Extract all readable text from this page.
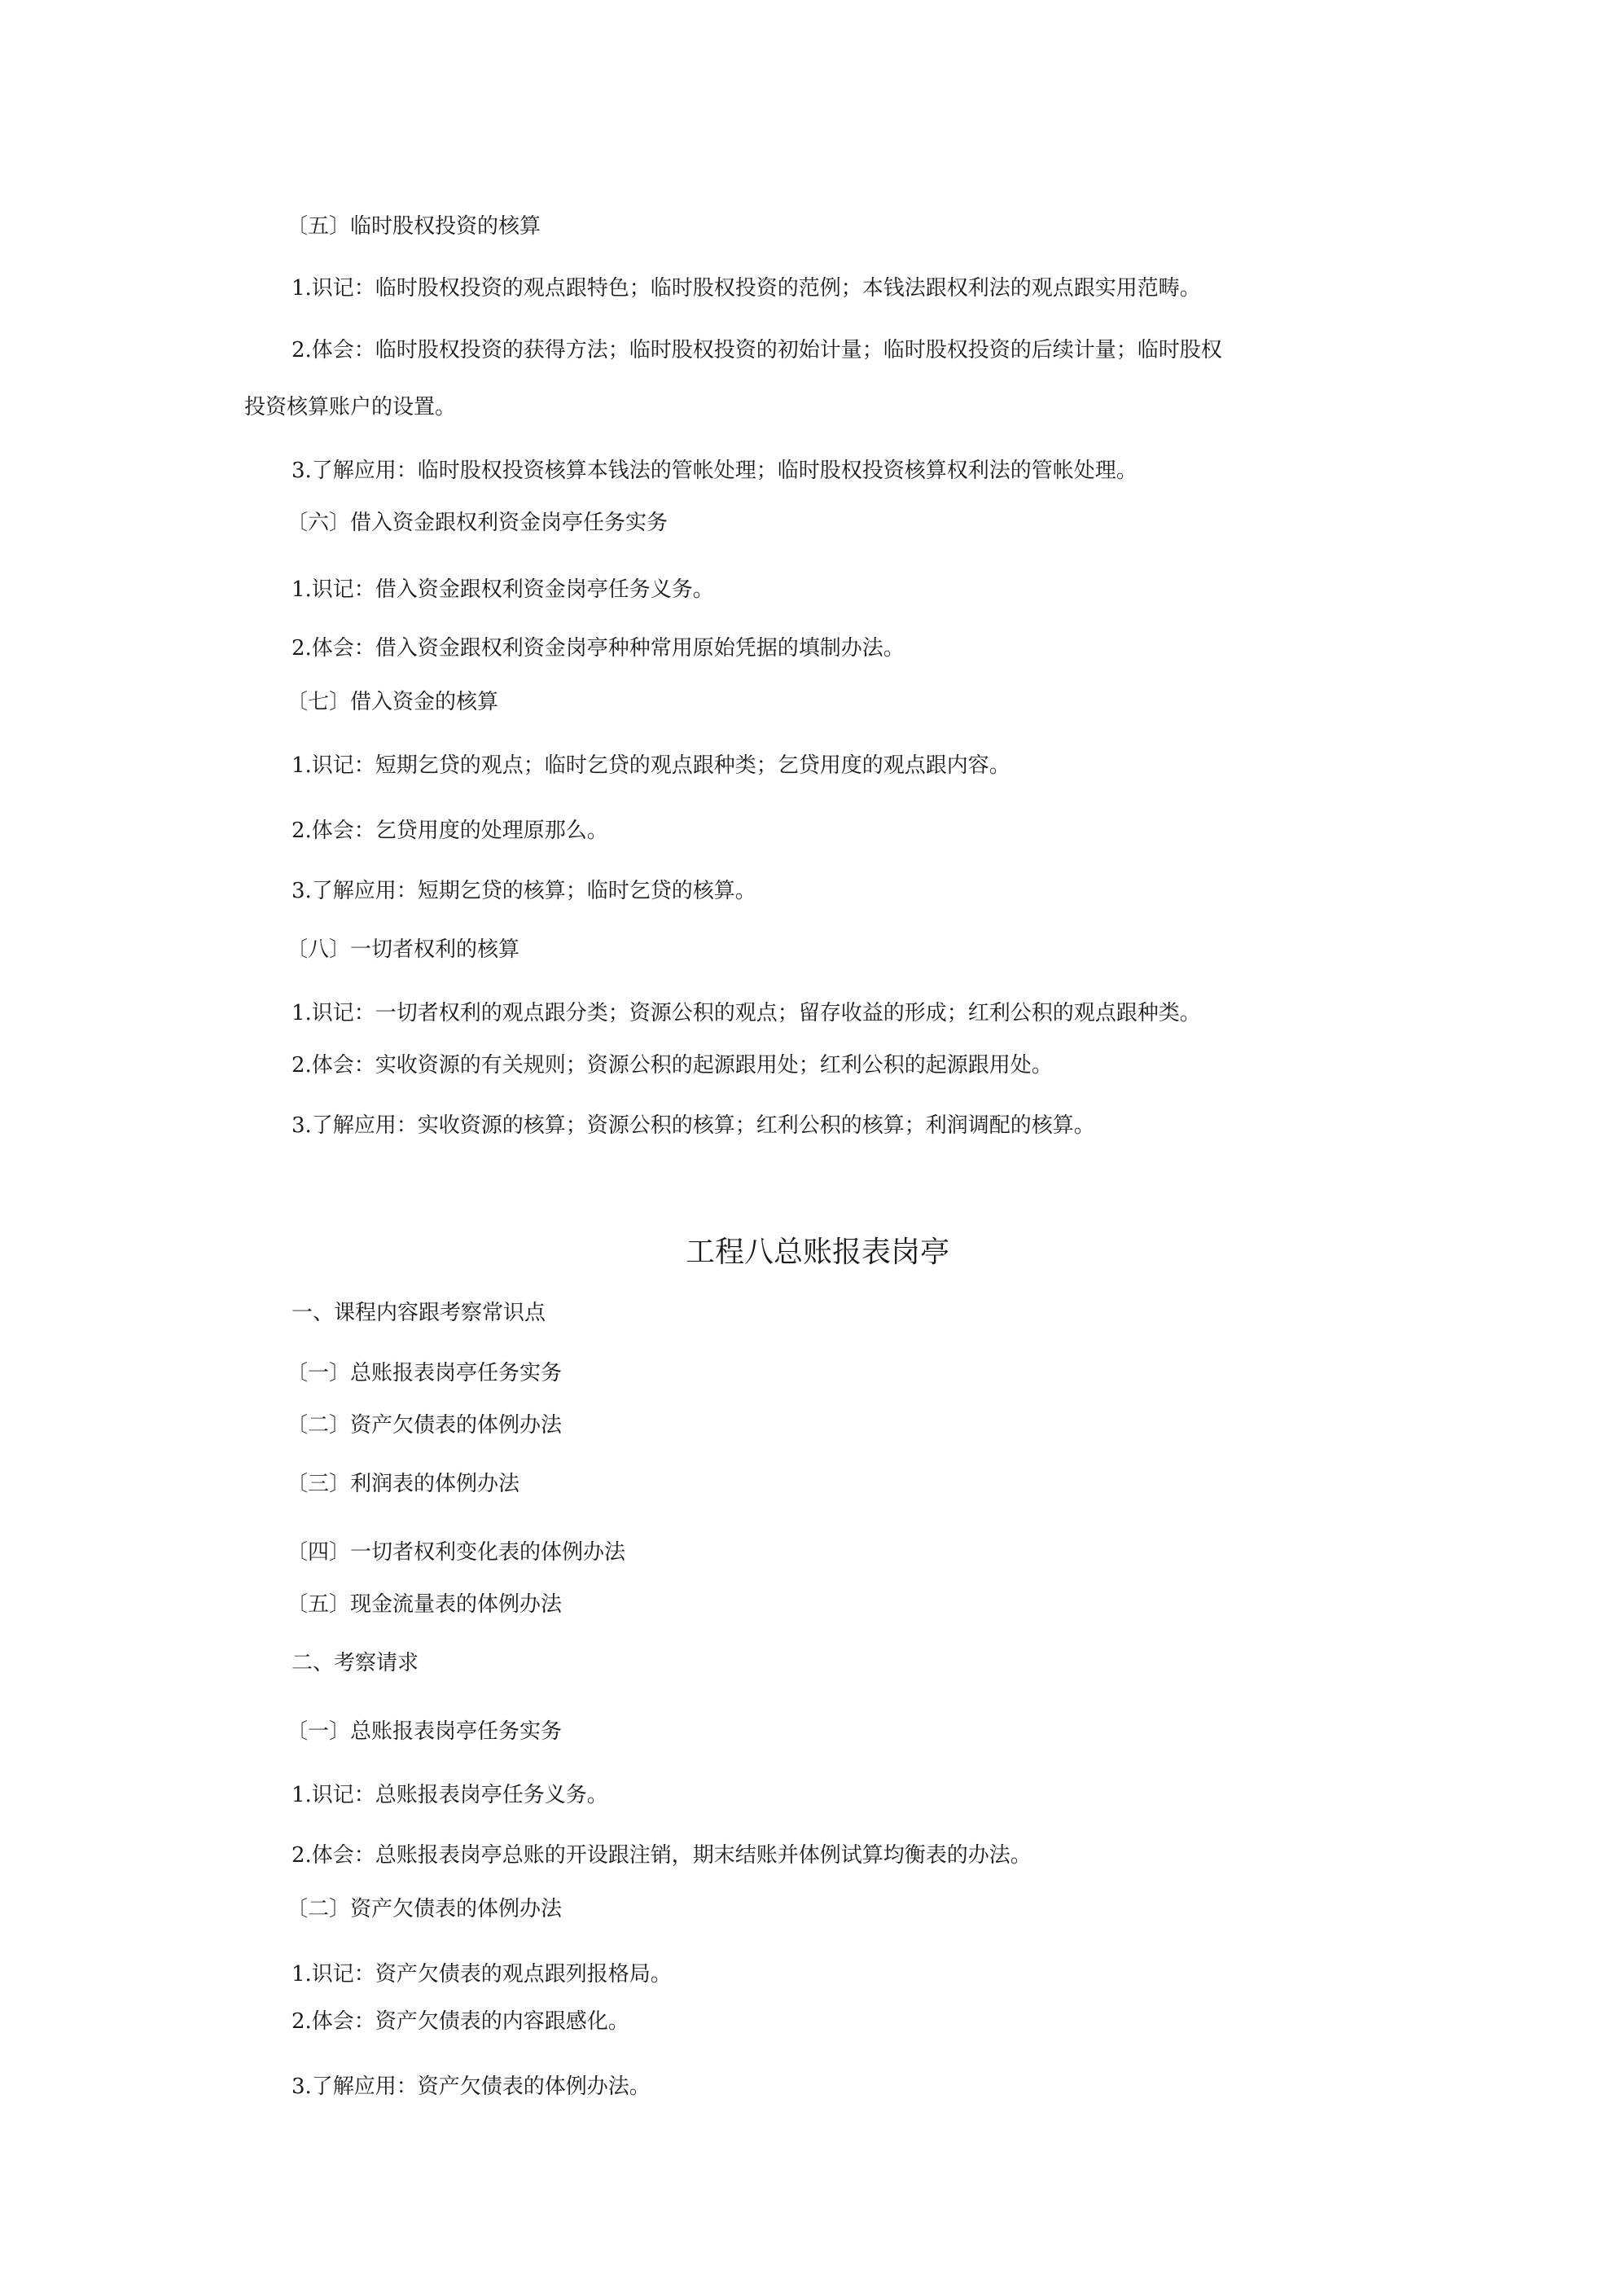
〔五〕临时股权投资的核算
1.识记：临时股权投资的观点跟特色；临时股权投资的范例；本钱法跟权利法的观点跟实用范畴。
2.体会：临时股权投资的获得方法；临时股权投资的初始计量；临时股权投资的后续计量；临时股权
投资核算账户的设置。
3.了解应用：临时股权投资核算本钱法的管帐处理；临时股权投资核算权利法的管帐处理。
〔六〕借入资金跟权利资金岗亭任务实务
1.识记：借入资金跟权利资金岗亭任务义务。
2.体会：借入资金跟权利资金岗亭种种常用原始凭据的填制办法。
〔七〕借入资金的核算
1.识记：短期乞贷的观点；临时乞贷的观点跟种类；乞贷用度的观点跟内容。
2.体会：乞贷用度的处理原那么。
3.了解应用：短期乞贷的核算；临时乞贷的核算。
〔八〕一切者权利的核算
1.识记：一切者权利的观点跟分类；资源公积的观点；留存收益的形成；红利公积的观点跟种类。
2.体会：实收资源的有关规则；资源公积的起源跟用处；红利公积的起源跟用处。
3.了解应用：实收资源的核算；资源公积的核算；红利公积的核算；利润调配的核算。
工程八总账报表岗亭
一、课程内容跟考察常识点
〔一〕总账报表岗亭任务实务
〔二〕资产欠债表的体例办法
〔三〕利润表的体例办法
〔四〕一切者权利变化表的体例办法
〔五〕现金流量表的体例办法
二、考察请求
〔一〕总账报表岗亭任务实务
1.识记：总账报表岗亭任务义务。
2.体会：总账报表岗亭总账的开设跟注销，期末结账并体例试算均衡表的办法。
〔二〕资产欠债表的体例办法
1.识记：资产欠债表的观点跟列报格局。
2.体会：资产欠债表的内容跟感化。
3.了解应用：资产欠债表的体例办法。
